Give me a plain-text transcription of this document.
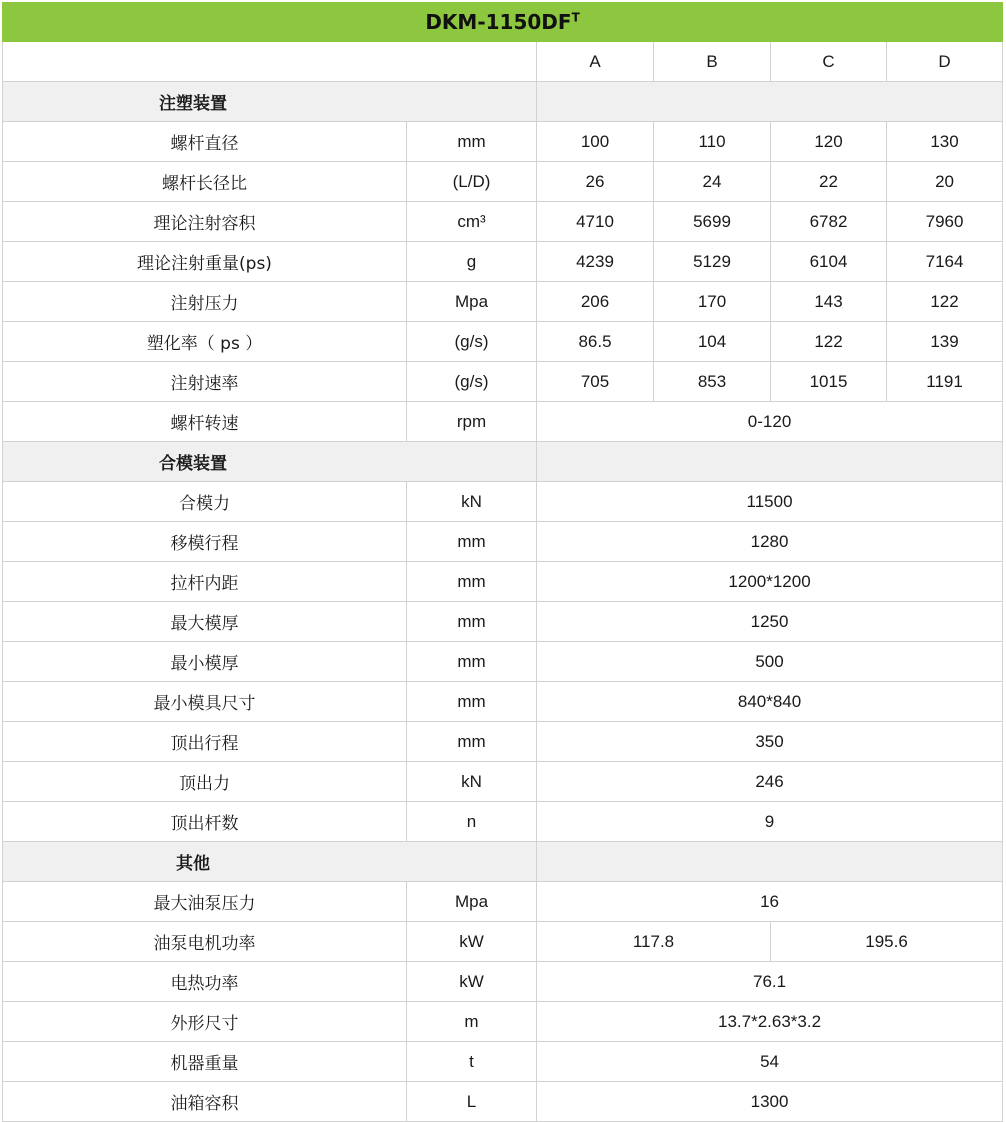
DKM-$1150DF^T$
		A	B	C	D
注塑装置					
螺杆直径	mm	100	110	120	130
螺杆长径比	(L/D)	26	24	22	20
理论注射容积	cm³	4710	5699	6782	7960
理论注射重量(ps)	g	4239	5129	6104	7164
注射压力	Mpa	206	170	143	122
塑化率（ ps ）	(g/s)	86.5	104	122	139
注射速率	(g/s)	705	853	1015	1191
螺杆转速	rpm	0-120			
合模装置					
合模力	kN	11500			
移模行程	mm	1280			
拉杆内距	mm	1200*1200			
最大模厚	mm	1250			
最小模厚	mm	500			
最小模具尺寸	mm	840*840			
顶出行程	mm	350			
顶出力	kN	246			
顶出杆数	n	9			
其他					
最大油泵压力	Mpa	16			
油泵电机功率	kW	117.8		195.6	
电热功率	kW	76.1			
外形尺寸	m	13.7*2.63*3.2			
机器重量	t	54			
油箱容积	L	1300			
